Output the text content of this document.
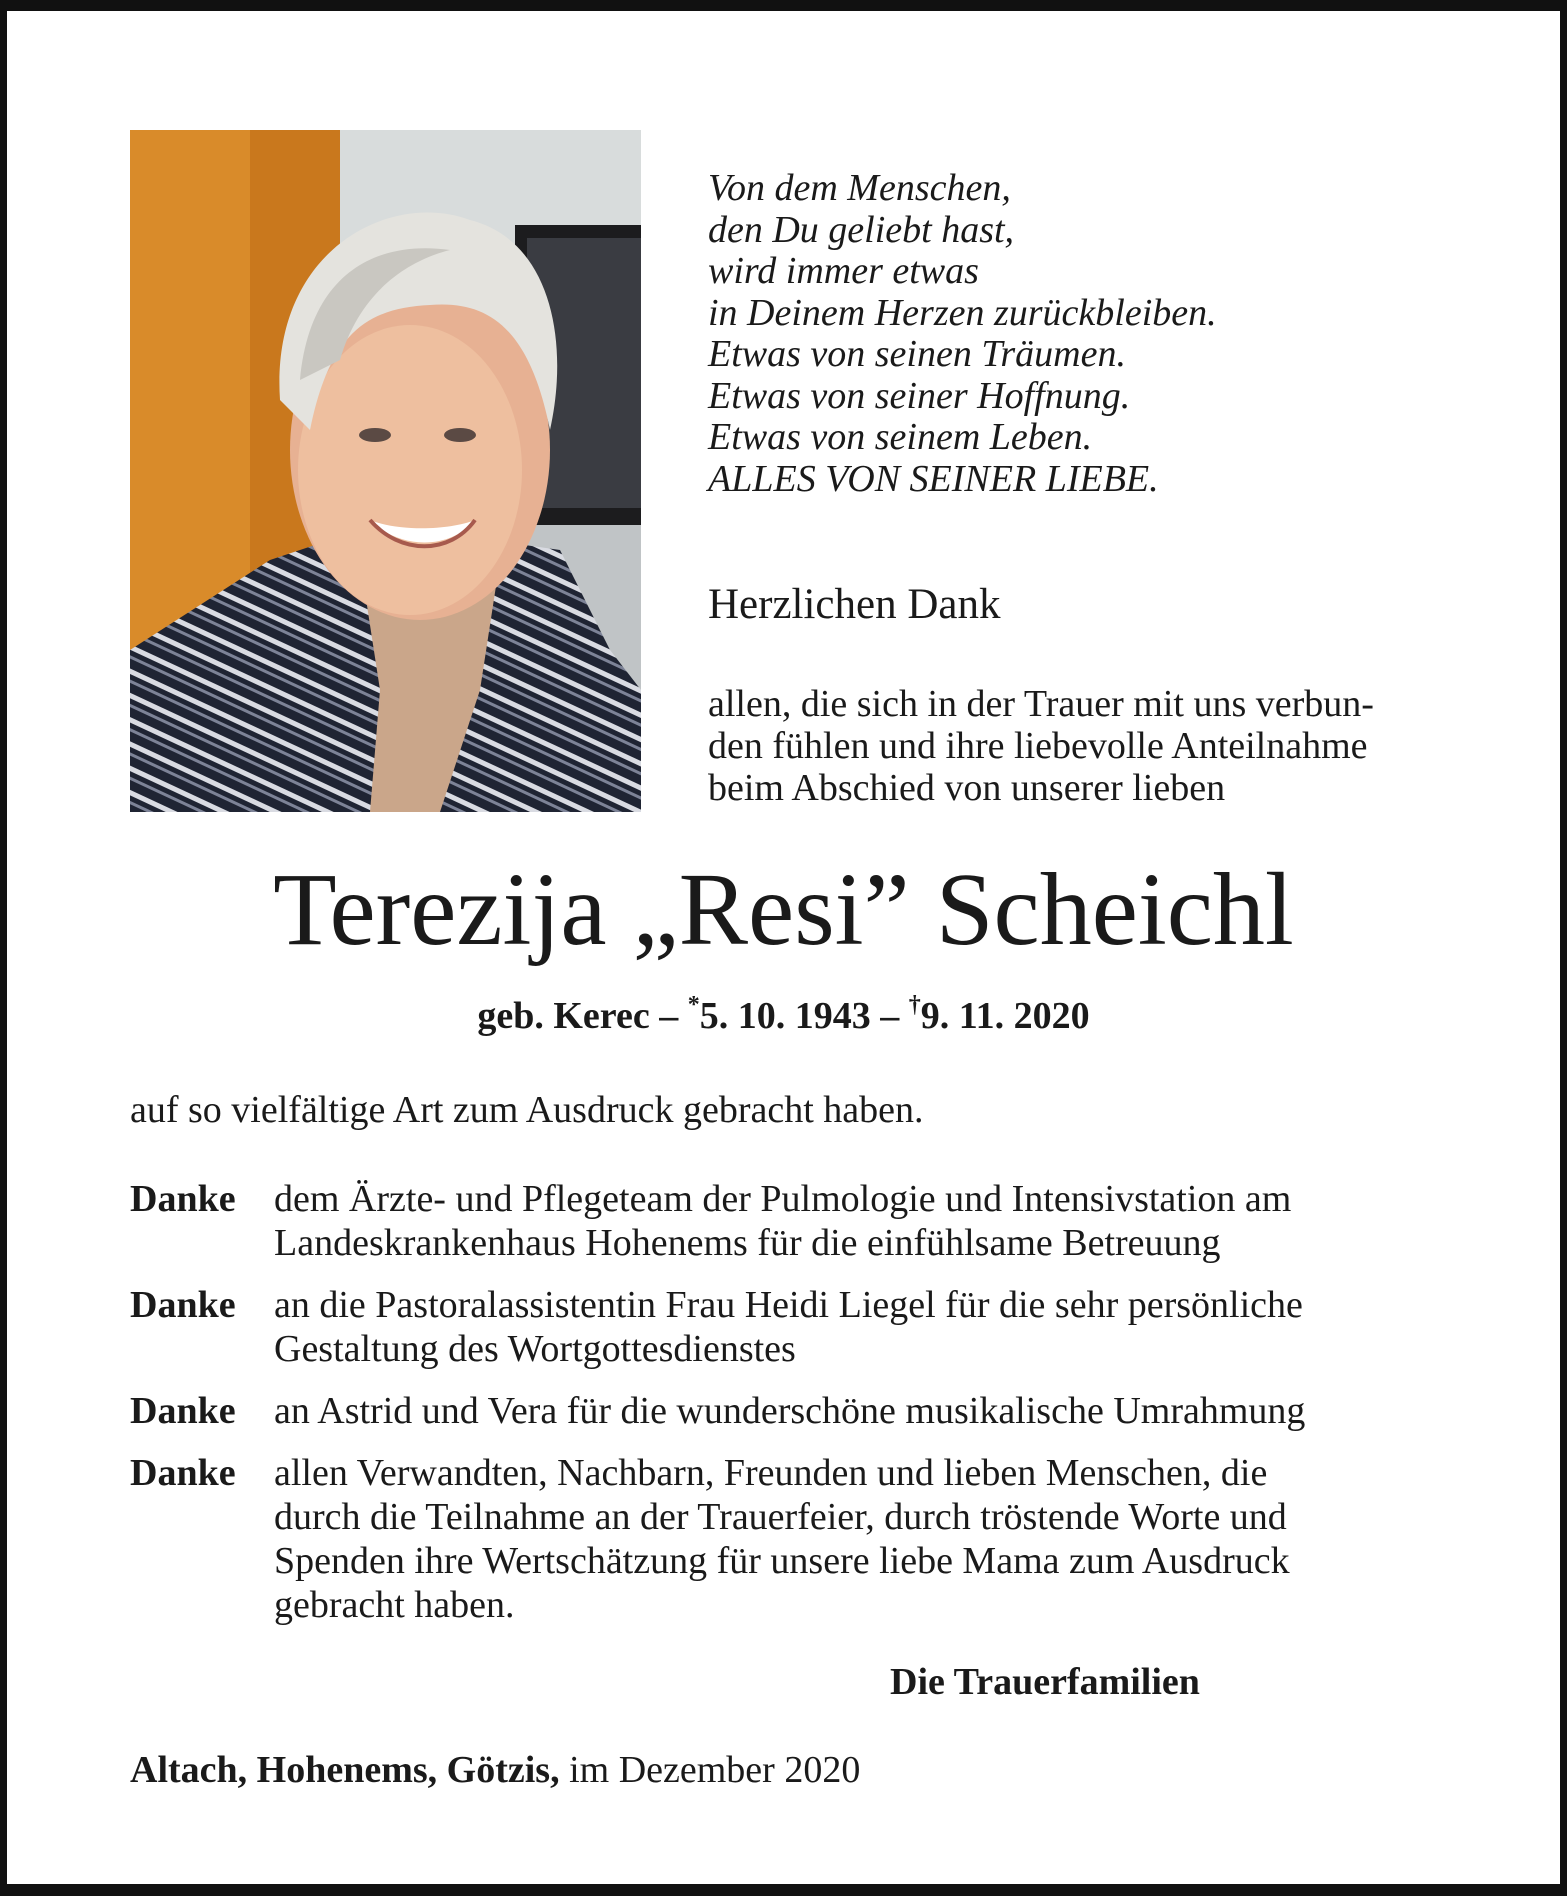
Von dem Menschen,
den Du geliebt hast,
wird immer etwas
in Deinem Herzen zurückbleiben.
Etwas von seinen Träumen.
Etwas von seiner Hoffnung.
Etwas von seinem Leben.
ALLES VON SEINER LIEBE.
Herzlichen Dank
allen, die sich in der Trauer mit uns verbun-
den fühlen und ihre liebevolle Anteilnahme
beim Abschied von unserer lieben
Terezija „Resi” Scheichl
geb. Kerec – *5. 10. 1943 – †9. 11. 2020
auf so vielfältige Art zum Ausdruck gebracht haben.
Danke	dem Ärzte- und Pflegeteam der Pulmologie und Intensivstation am
Landeskrankenhaus Hohenems für die einfühlsame Betreuung
Danke	an die Pastoralassistentin Frau Heidi Liegel für die sehr persönliche
Gestaltung des Wortgottesdienstes
Danke	an Astrid und Vera für die wunderschöne musikalische Umrahmung
Danke	allen Verwandten, Nachbarn, Freunden und lieben Menschen, die
durch die Teilnahme an der Trauerfeier, durch tröstende Worte und
Spenden ihre Wertschätzung für unsere liebe Mama zum Ausdruck
gebracht haben.
Die Trauerfamilien
Altach, Hohenems, Götzis, im Dezember 2020
